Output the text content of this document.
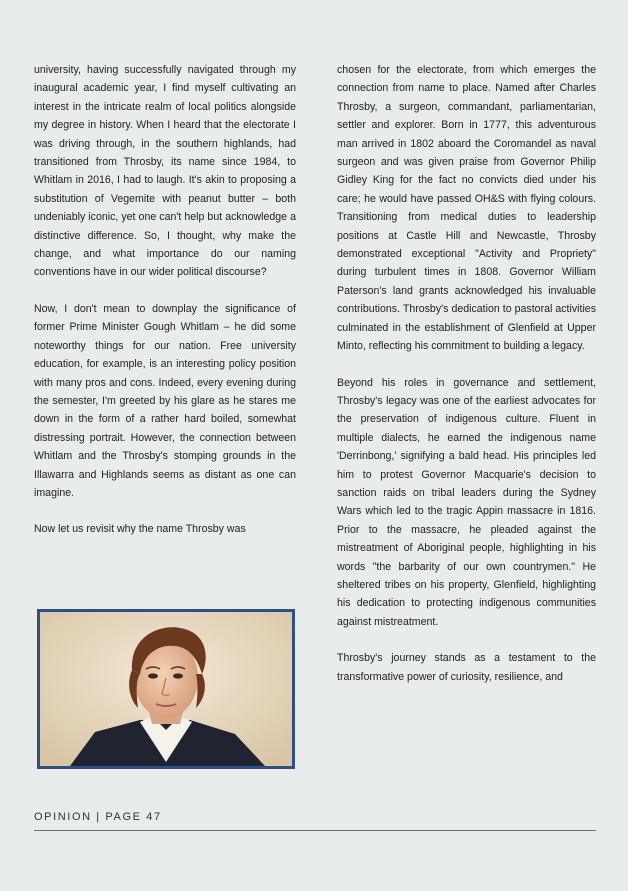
university, having successfully navigated through my inaugural academic year, I find myself cultivating an interest in the intricate realm of local politics alongside my degree in history. When I heard that the electorate I was driving through, in the southern highlands, had transitioned from Throsby, its name since 1984, to Whitlam in 2016, I had to laugh. It's akin to proposing a substitution of Vegemite with peanut butter – both undeniably iconic, yet one can't help but acknowledge a distinctive difference. So, I thought, why make the change, and what importance do our naming conventions have in our wider political discourse?

Now, I don't mean to downplay the significance of former Prime Minister Gough Whitlam – he did some noteworthy things for our nation. Free university education, for example, is an interesting policy position with many pros and cons. Indeed, every evening during the semester, I'm greeted by his glare as he stares me down in the form of a rather hard boiled, somewhat distressing portrait. However, the connection between Whitlam and the Throsby's stomping grounds in the Illawarra and Highlands seems as distant as one can imagine.

Now let us revisit why the name Throsby was

chosen for the electorate, from which emerges the connection from name to place. Named after Charles Throsby, a surgeon, commandant, parliamentarian, settler and explorer. Born in 1777, this adventurous man arrived in 1802 aboard the Coromandel as naval surgeon and was given praise from Governor Philip Gidley King for the fact no convicts died under his care; he would have passed OH&S with flying colours. Transitioning from medical duties to leadership positions at Castle Hill and Newcastle, Throsby demonstrated exceptional "Activity and Propriety" during turbulent times in 1808. Governor William Paterson's land grants acknowledged his invaluable contributions. Throsby's dedication to pastoral activities culminated in the establishment of Glenfield at Upper Minto, reflecting his commitment to building a legacy.

Beyond his roles in governance and settlement, Throsby's legacy was one of the earliest advocates for the preservation of indigenous culture. Fluent in multiple dialects, he earned the indigenous name 'Derrinbong,' signifying a bald head. His principles led him to protest Governor Macquarie's decision to sanction raids on tribal leaders during the Sydney Wars which led to the tragic Appin massacre in 1816. Prior to the massacre, he pleaded against the mistreatment of Aboriginal people, highlighting in his words "the barbarity of our own countrymen." He sheltered tribes on his property, Glenfield, highlighting his dedication to protecting indigenous communities against mistreatment.

Throsby's journey stands as a testament to the transformative power of curiosity, resilience, and

OPINION | PAGE 47
